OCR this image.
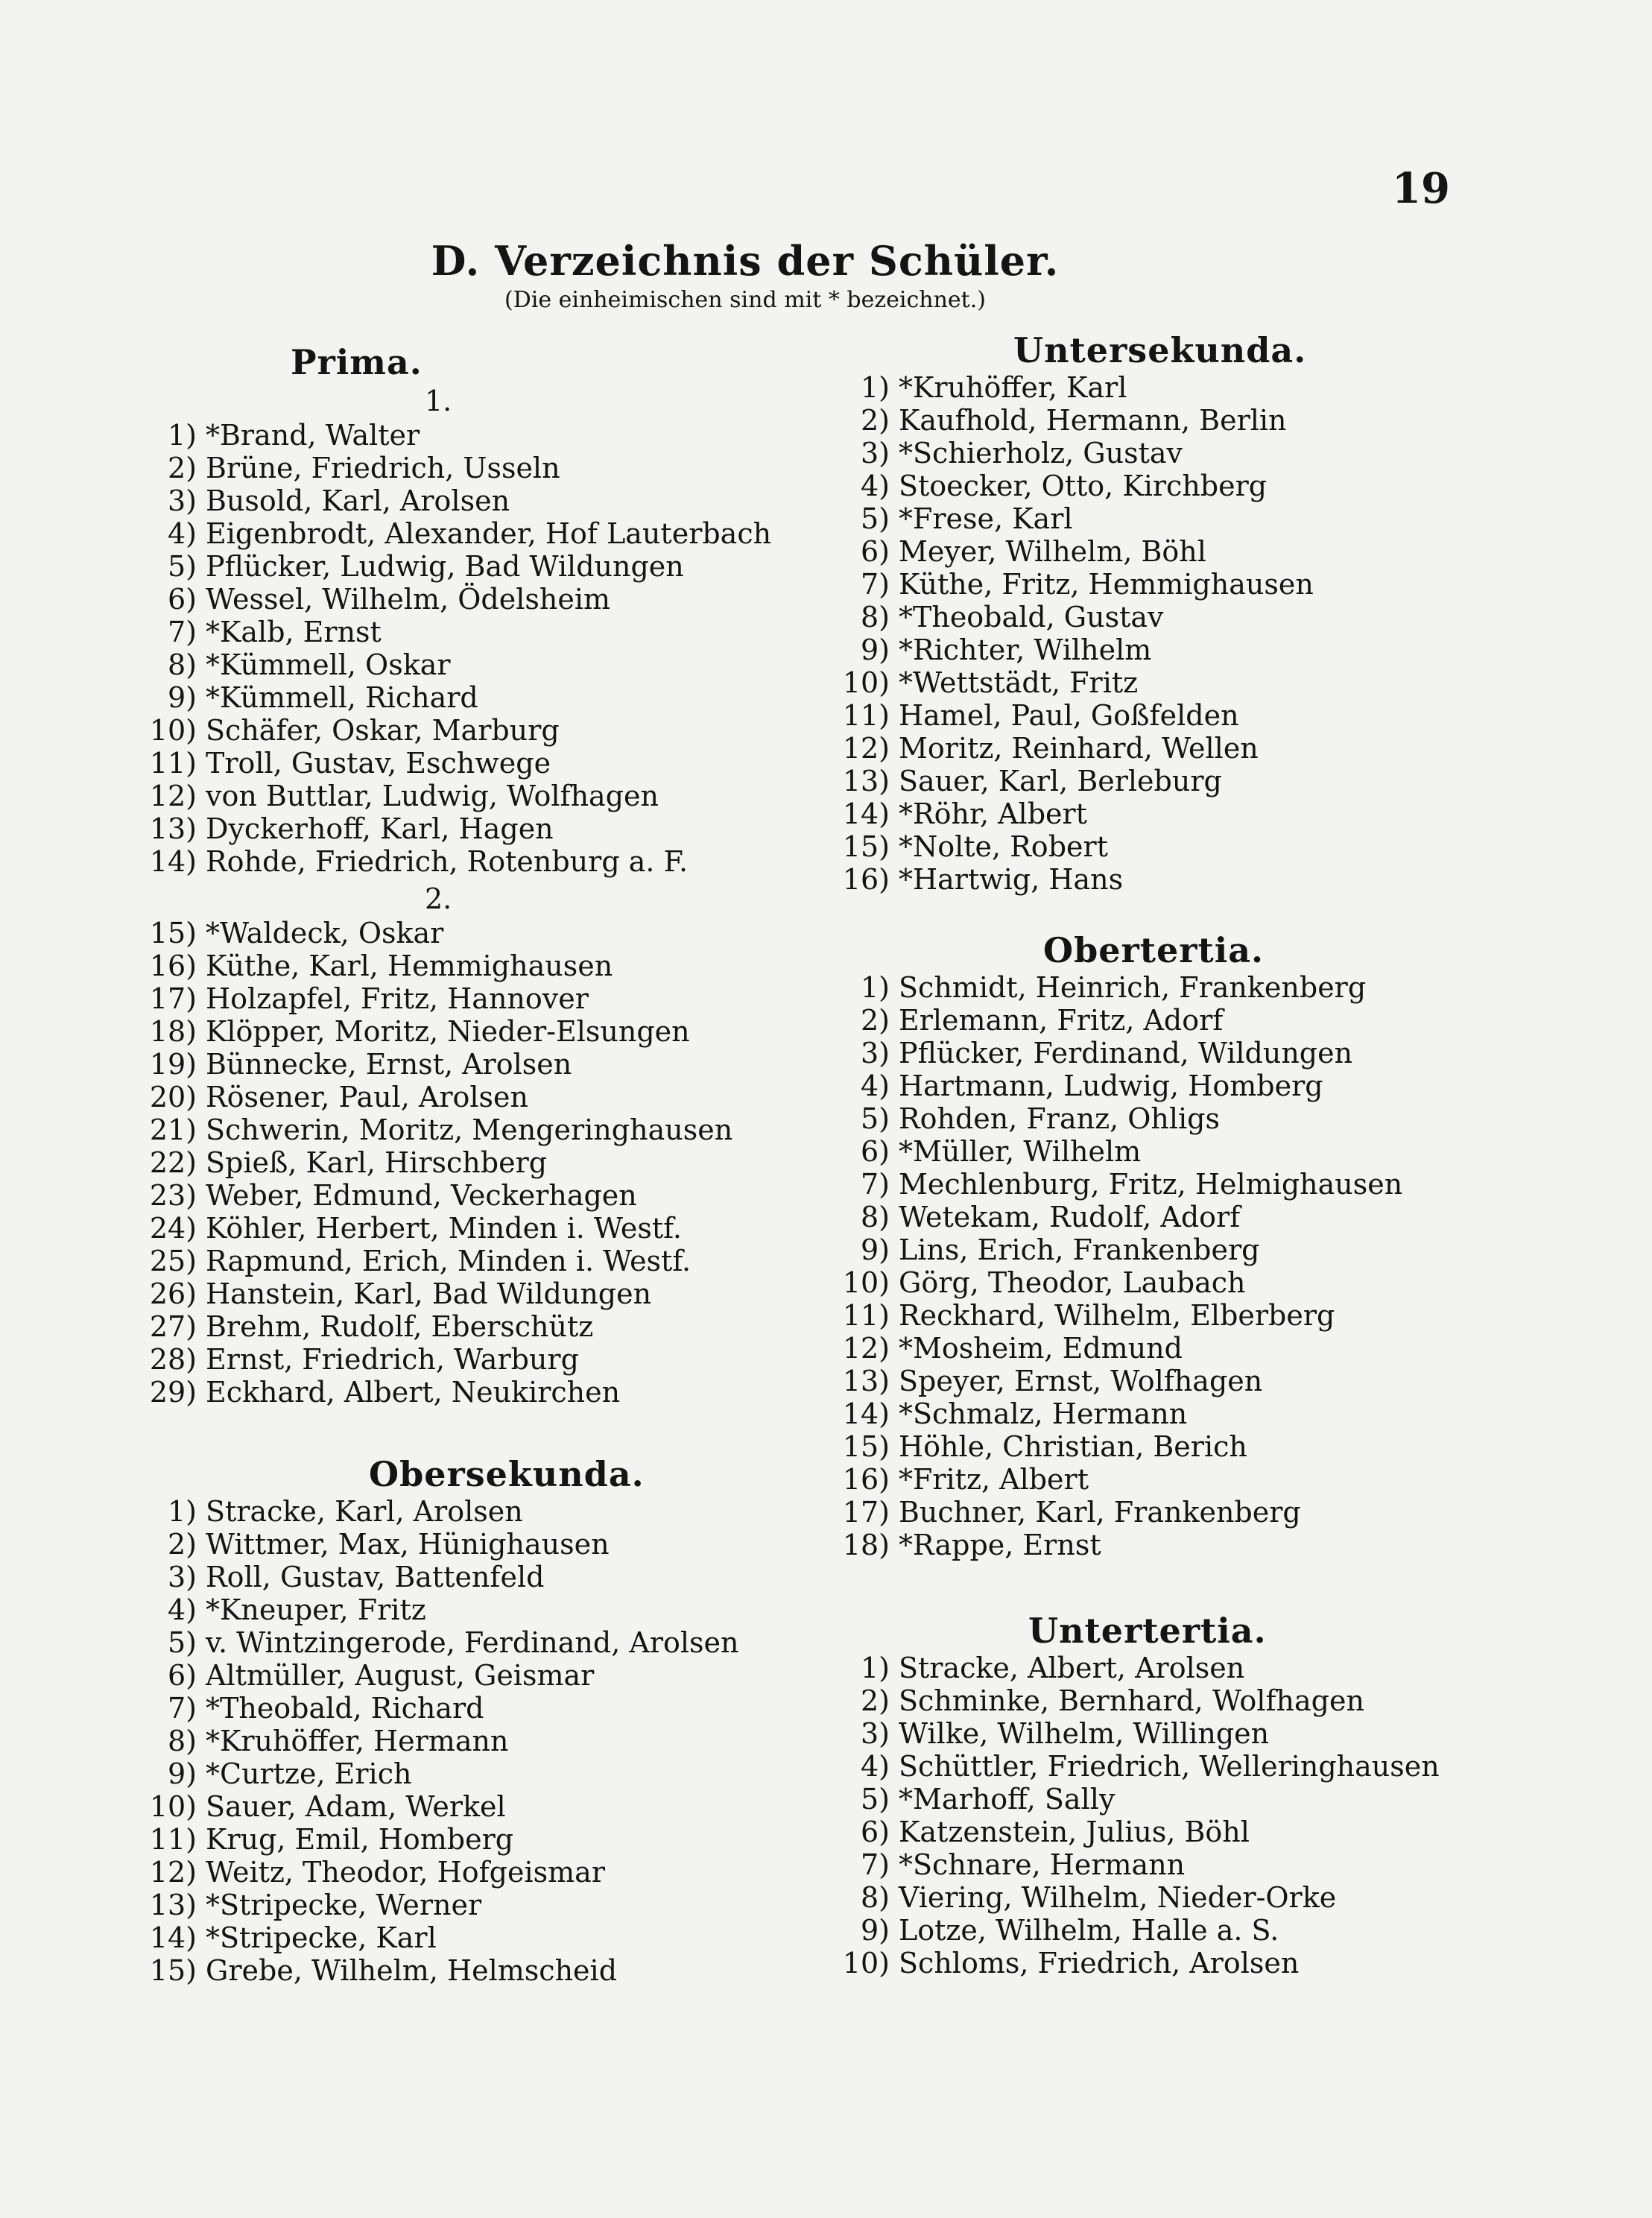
19
D. Verzeichnis der Schüler.
(Die einheimischen sind mit * bezeichnet.)
Prima.
1.
1) *Brand, Walter
2) Brüne, Friedrich, Usseln
3) Busold, Karl, Arolsen
4) Eigenbrodt, Alexander, Hof Lauterbach
5) Pflücker, Ludwig, Bad Wildungen
6) Wessel, Wilhelm, Ödelsheim
7) *Kalb, Ernst
8) *Kümmell, Oskar
9) *Kümmell, Richard
10) Schäfer, Oskar, Marburg
11) Troll, Gustav, Eschwege
12) von Buttlar, Ludwig, Wolfhagen
13) Dyckerhoff, Karl, Hagen
14) Rohde, Friedrich, Rotenburg a. F.
2.
15) *Waldeck, Oskar
16) Küthe, Karl, Hemmighausen
17) Holzapfel, Fritz, Hannover
18) Klöpper, Moritz, Nieder-Elsungen
19) Bünnecke, Ernst, Arolsen
20) Rösener, Paul, Arolsen
21) Schwerin, Moritz, Mengeringhausen
22) Spieß, Karl, Hirschberg
23) Weber, Edmund, Veckerhagen
24) Köhler, Herbert, Minden i. Westf.
25) Rapmund, Erich, Minden i. Westf.
26) Hanstein, Karl, Bad Wildungen
27) Brehm, Rudolf, Eberschütz
28) Ernst, Friedrich, Warburg
29) Eckhard, Albert, Neukirchen
Obersekunda.
1) Stracke, Karl, Arolsen
2) Wittmer, Max, Hünighausen
3) Roll, Gustav, Battenfeld
4) *Kneuper, Fritz
5) v. Wintzingerode, Ferdinand, Arolsen
6) Altmüller, August, Geismar
7) *Theobald, Richard
8) *Kruhöffer, Hermann
9) *Curtze, Erich
10) Sauer, Adam, Werkel
11) Krug, Emil, Homberg
12) Weitz, Theodor, Hofgeismar
13) *Stripecke, Werner
14) *Stripecke, Karl
15) Grebe, Wilhelm, Helmscheid
Untersekunda.
1) *Kruhöffer, Karl
2) Kaufhold, Hermann, Berlin
3) *Schierholz, Gustav
4) Stoecker, Otto, Kirchberg
5) *Frese, Karl
6) Meyer, Wilhelm, Böhl
7) Küthe, Fritz, Hemmighausen
8) *Theobald, Gustav
9) *Richter, Wilhelm
10) *Wettstädt, Fritz
11) Hamel, Paul, Goßfelden
12) Moritz, Reinhard, Wellen
13) Sauer, Karl, Berleburg
14) *Röhr, Albert
15) *Nolte, Robert
16) *Hartwig, Hans
Obertertia.
1) Schmidt, Heinrich, Frankenberg
2) Erlemann, Fritz, Adorf
3) Pflücker, Ferdinand, Wildungen
4) Hartmann, Ludwig, Homberg
5) Rohden, Franz, Ohligs
6) *Müller, Wilhelm
7) Mechlenburg, Fritz, Helmighausen
8) Wetekam, Rudolf, Adorf
9) Lins, Erich, Frankenberg
10) Görg, Theodor, Laubach
11) Reckhard, Wilhelm, Elberberg
12) *Mosheim, Edmund
13) Speyer, Ernst, Wolfhagen
14) *Schmalz, Hermann
15) Höhle, Christian, Berich
16) *Fritz, Albert
17) Buchner, Karl, Frankenberg
18) *Rappe, Ernst
Untertertia.
1) Stracke, Albert, Arolsen
2) Schminke, Bernhard, Wolfhagen
3) Wilke, Wilhelm, Willingen
4) Schüttler, Friedrich, Welleringhausen
5) *Marhoff, Sally
6) Katzenstein, Julius, Böhl
7) *Schnare, Hermann
8) Viering, Wilhelm, Nieder-Orke
9) Lotze, Wilhelm, Halle a. S.
10) Schloms, Friedrich, Arolsen
